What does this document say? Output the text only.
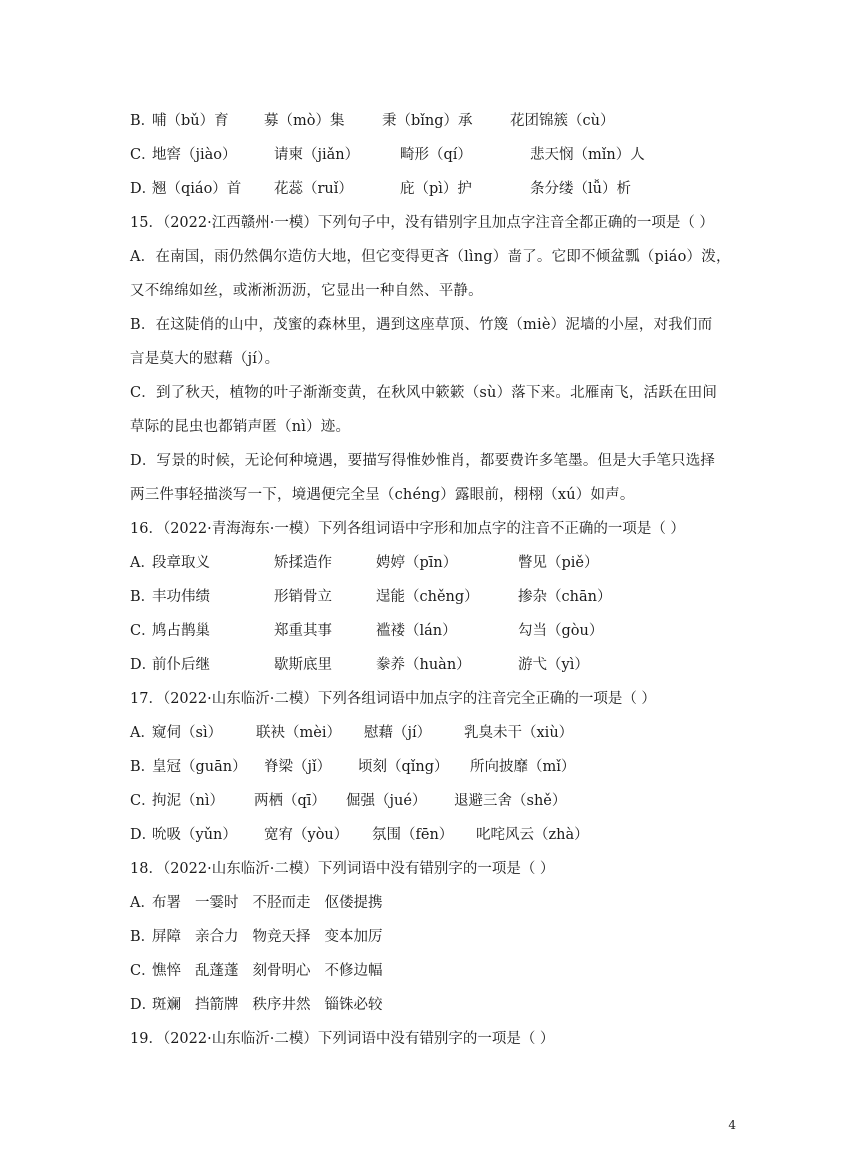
B．
哺（bǔ）育	募（mò）集	秉（bǐng）承	花团锦簇（cù）
C．
地窖（jiào）	请柬（jiǎn）	畸形（qí）	悲天悯（mǐn）人
D．
翘（qiáo）首	花蕊（ruǐ）	庇（pì）护	条分缕（lǚ）析
15．（2022·江西赣州·一模）下列句子中，没有错别字且加点字注音全都正确的一项是（ ）

A．在南国，雨仍然偶尔造仿大地，但它变得更吝（lìng）啬了。它即不倾盆瓢（piáo）泼，

又不绵绵如丝，或淅淅沥沥，它显出一种自然、平静。

B．在这陡俏的山中，茂蜜的森林里，遇到这座草顶、竹篾（miè）泥墙的小屋，对我们而

言是莫大的慰藉（jí）。

C．到了秋天，植物的叶子渐渐变黄，在秋风中簌簌（sù）落下来。北雁南飞，活跃在田间

草际的昆虫也都销声匿（nì）迹。

D．写景的时候，无论何种境遇，要描写得惟妙惟肖，都要费许多笔墨。但是大手笔只选择

两三件事轻描淡写一下，境遇便完全呈（chéng）露眼前，栩栩（xú）如声。

16．（2022·青海海东·一模）下列各组词语中字形和加点字的注音不正确的一项是（ ）
A．
段章取义	矫揉造作	娉婷（pīn）	瞥见（piě）
B．
丰功伟绩	形销骨立	逞能（chěng）	掺杂（chān）
C．
鸠占鹊巢	郑重其事	褴褛（lán）	勾当（gòu）
D．
前仆后继	歇斯底里	豢养（huàn）	游弋（yì）
17．（2022·山东临沂·二模）下列各组词语中加点字的注音完全正确的一项是（ ）
A．
窥伺（sì）	联袂（mèi）	慰藉（jí）	乳臭未干（xiù）
B．
皇冠（guān）	脊梁（jǐ）	顷刻（qǐng）	所向披靡（mǐ）
C．
拘泥（nì）	两栖（qī）	倔强（jué）	退避三舍（shě）
D．
吮吸（yǔn）	宽宥（yòu）	氛围（fēn）	叱咤风云（zhà）
18．（2022·山东临沂·二模）下列词语中没有错别字的一项是（ ）
A．
布署 一霎时 不胫而走 伛偻提携
B．
屏障 亲合力 物竞天择 变本加厉
C．
憔悴 乱蓬蓬 刻骨明心 不修边幅
D．
斑斓 挡箭牌 秩序井然 锱铢必较
19．（2022·山东临沂·二模）下列词语中没有错别字的一项是（ ）
4
